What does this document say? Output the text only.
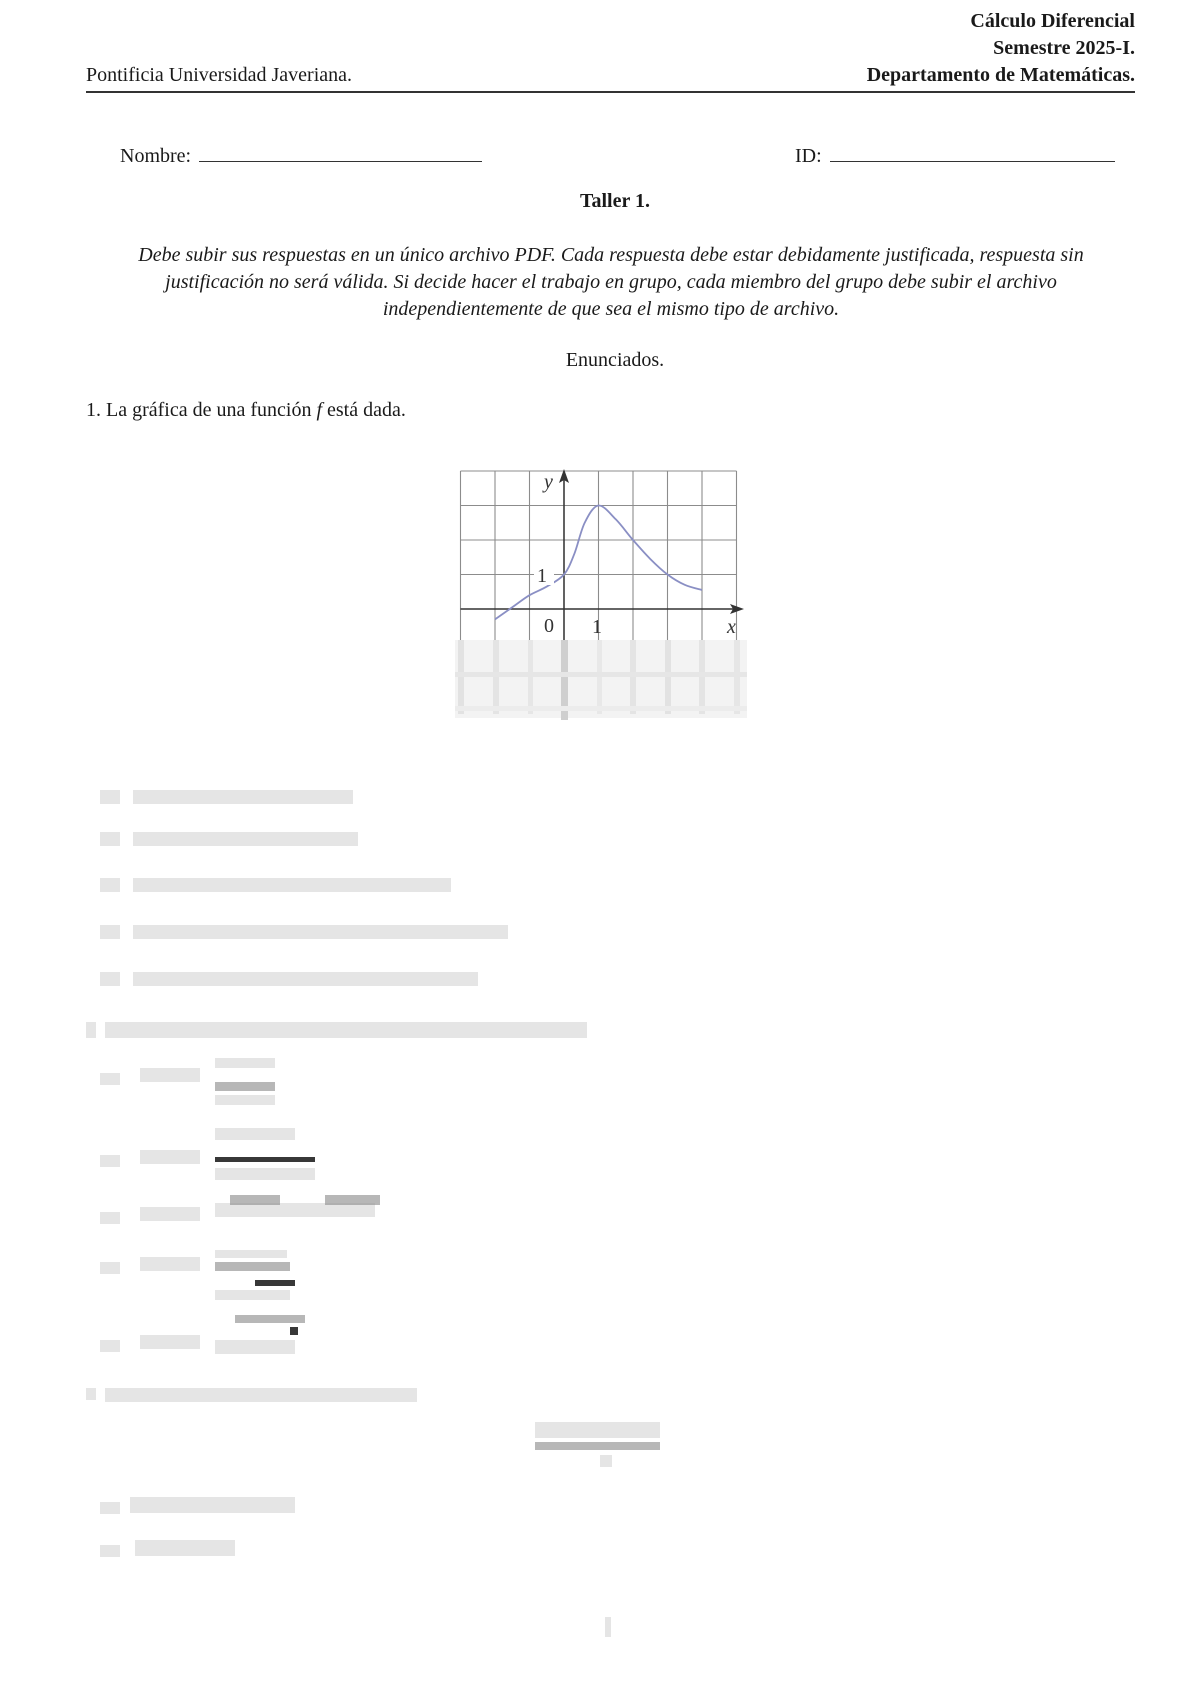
Pontificia Universidad Javeriana.
Cálculo Diferencial
Semestre 2025-I.
Departamento de Matemáticas.
Nombre:	ID:
Taller 1.
Debe subir sus respuestas en un único archivo PDF. Cada respuesta debe estar debidamente justificada, respuesta sin justificación no será válida. Si decide hacer el trabajo en grupo, cada miembro del grupo debe subir el archivo independientemente de que sea el mismo tipo de archivo.
Enunciados.
1. La gráfica de una función f está dada.
y
x
0 1
1
